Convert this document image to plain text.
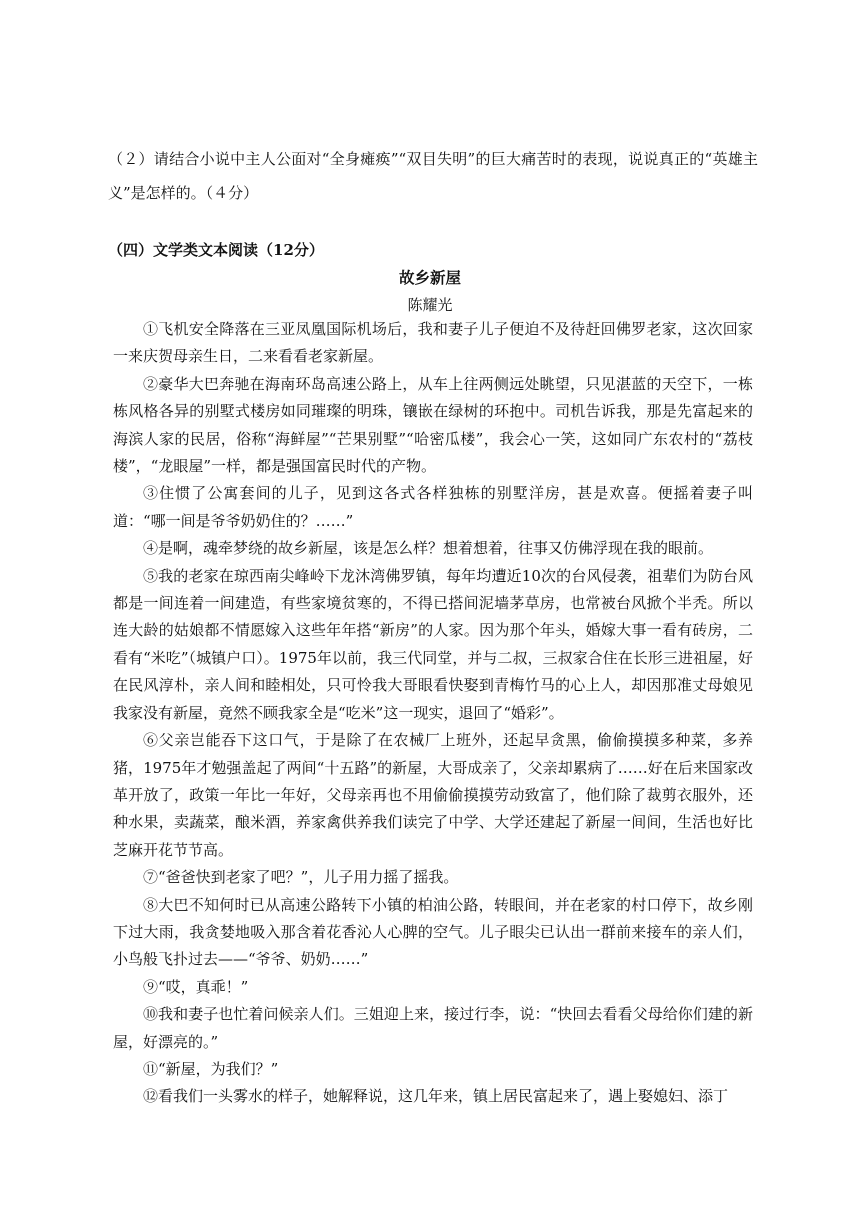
（２）请结合小说中主人公面对“全身瘫痪”“双目失明”的巨大痛苦时的表现，说说真正的“英雄主义”是怎样的。（４分）
（四）文学类文本阅读（12分）
故乡新屋
陈耀光

①飞机安全降落在三亚凤凰国际机场后，我和妻子儿子便迫不及待赶回佛罗老家，这次回家一来庆贺母亲生日，二来看看老家新屋。

②豪华大巴奔驰在海南环岛高速公路上，从车上往两侧远处眺望，只见湛蓝的天空下，一栋栋风格各异的别墅式楼房如同璀璨的明珠，镶嵌在绿树的环抱中。司机告诉我，那是先富起来的海滨人家的民居，俗称“海鲜屋”“芒果别墅”“哈密瓜楼”，我会心一笑，这如同广东农村的“荔枝楼”，“龙眼屋”一样，都是强国富民时代的产物。

③住惯了公寓套间的儿子，见到这各式各样独栋的别墅洋房，甚是欢喜。便摇着妻子叫道：“哪一间是爷爷奶奶住的？……”

④是啊，魂牵梦绕的故乡新屋，该是怎么样？想着想着，往事又仿佛浮现在我的眼前。

⑤我的老家在琼西南尖峰岭下龙沐湾佛罗镇，每年均遭近10次的台风侵袭，祖辈们为防台风都是一间连着一间建造，有些家境贫寒的，不得已搭间泥墙茅草房，也常被台风掀个半秃。所以连大龄的姑娘都不情愿嫁入这些年年搭“新房”的人家。因为那个年头，婚嫁大事一看有砖房，二看有“米吃”（城镇户口）。1975年以前，我三代同堂，并与二叔，三叔家合住在长形三进祖屋，好在民风淳朴，亲人间和睦相处，只可怜我大哥眼看快娶到青梅竹马的心上人，却因那准丈母娘见我家没有新屋，竟然不顾我家全是“吃米”这一现实，退回了“婚彩”。

⑥父亲岂能吞下这口气，于是除了在农械厂上班外，还起早贪黑，偷偷摸摸多种菜，多养猪，1975年才勉强盖起了两间“十五路”的新屋，大哥成亲了，父亲却累病了……好在后来国家改革开放了，政策一年比一年好，父母亲再也不用偷偷摸摸劳动致富了，他们除了裁剪衣服外，还种水果，卖蔬菜，酿米酒，养家禽供养我们读完了中学、大学还建起了新屋一间间，生活也好比芝麻开花节节高。

⑦“爸爸快到老家了吧？”，儿子用力摇了摇我。

⑧大巴不知何时已从高速公路转下小镇的柏油公路，转眼间，并在老家的村口停下，故乡刚下过大雨，我贪婪地吸入那含着花香沁人心脾的空气。儿子眼尖已认出一群前来接车的亲人们，小鸟般飞扑过去——“爷爷、奶奶……”

⑨“哎，真乖！”

⑩我和妻子也忙着问候亲人们。三姐迎上来，接过行李，说：“快回去看看父母给你们建的新屋，好漂亮的。”

⑪“新屋，为我们？”

⑫看我们一头雾水的样子，她解释说，这几年来，镇上居民富起来了，遇上娶媳妇、添丁
